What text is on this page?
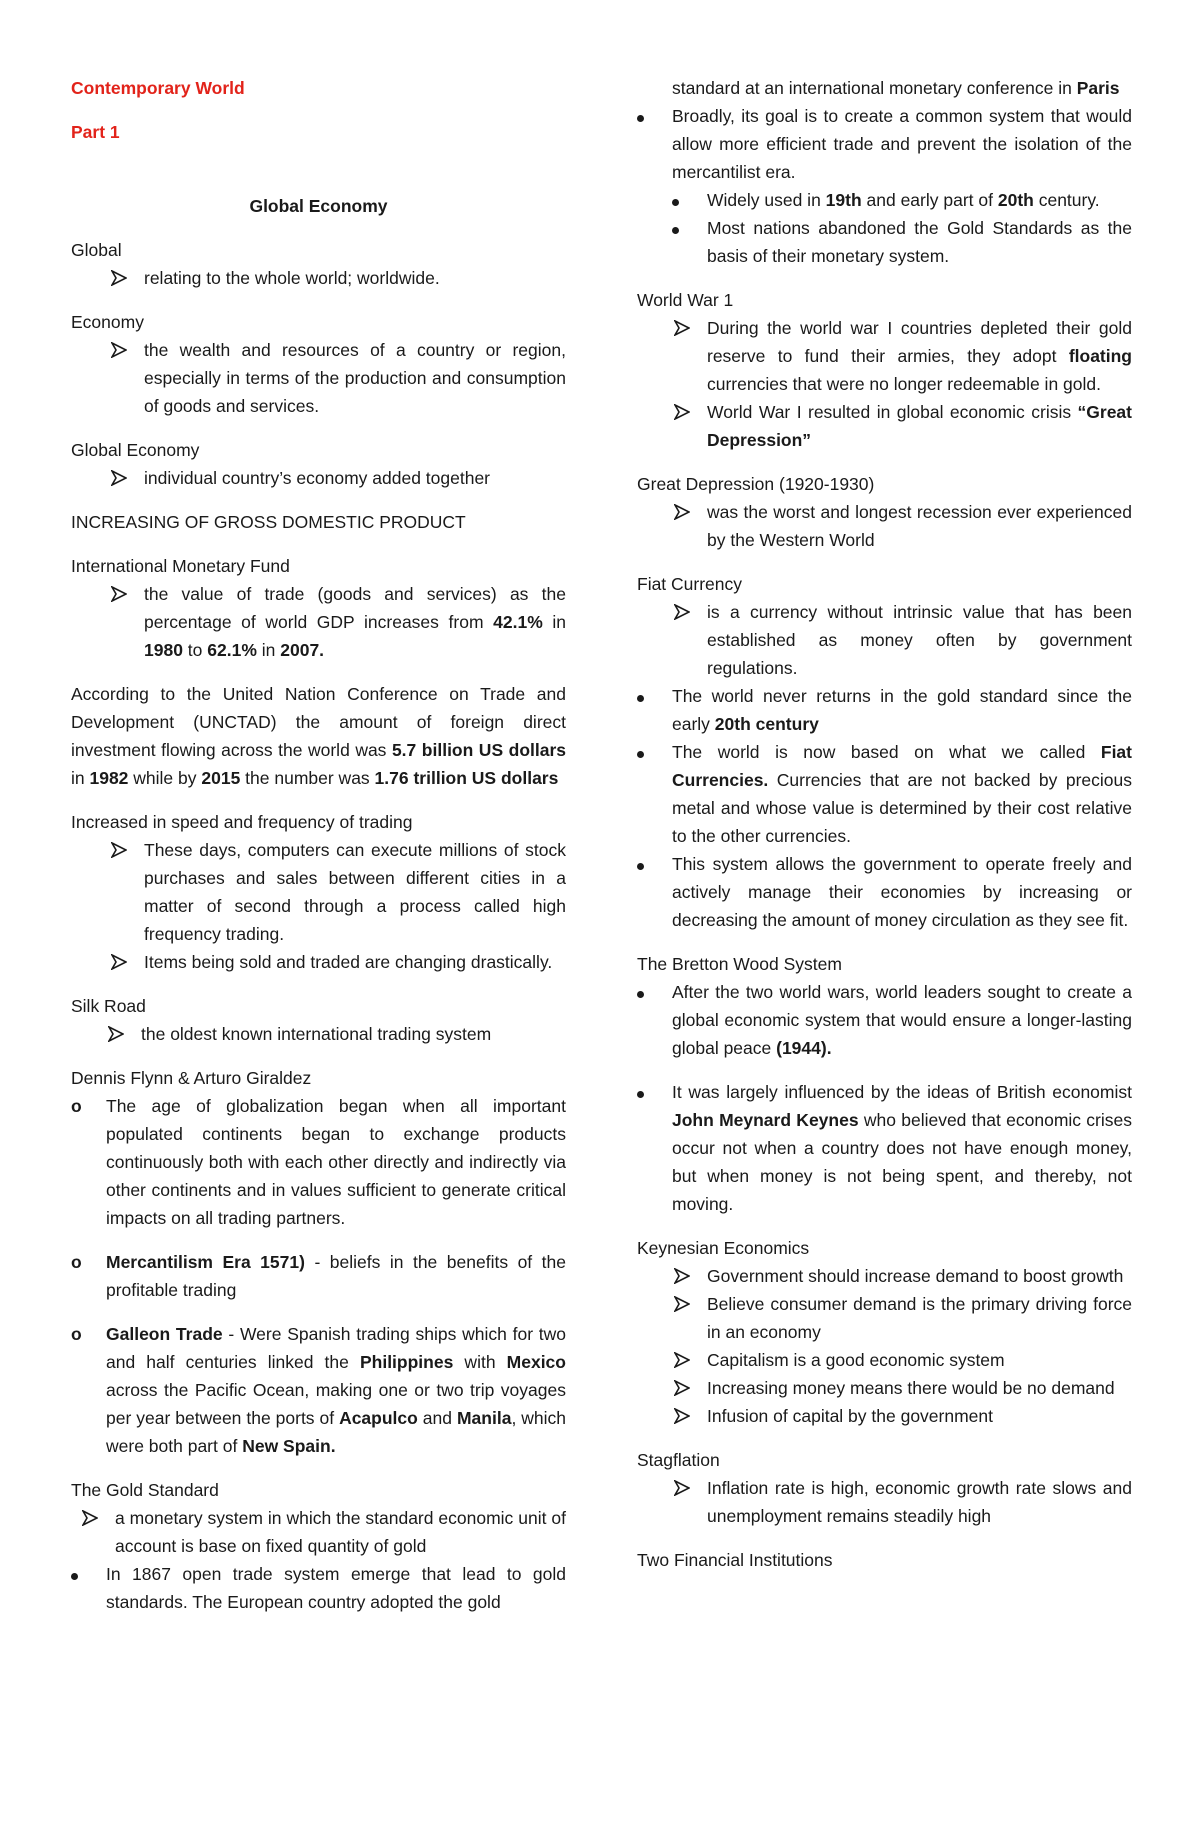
Contemporary World
Part 1
Global Economy
Global
relating to the whole world; worldwide.
Economy
the wealth and resources of a country or region, especially in terms of the production and consumption of goods and services.
Global Economy
individual country’s economy added together
INCREASING OF GROSS DOMESTIC PRODUCT
International Monetary Fund
the value of trade (goods and services) as the percentage of world GDP increases from 42.1% in 1980 to 62.1% in 2007.
According to the United Nation Conference on Trade and Development (UNCTAD) the amount of foreign direct investment flowing across the world was 5.7 billion US dollars in 1982 while by 2015 the number was 1.76 trillion US dollars
Increased in speed and frequency of trading
These days, computers can execute millions of stock purchases and sales between different cities in a matter of second through a process called high frequency trading.
Items being sold and traded are changing drastically.
Silk Road
the oldest known international trading system
Dennis Flynn & Arturo Giraldez
o	The age of globalization began when all important populated continents began to exchange products continuously both with each other directly and indirectly via other continents and in values sufficient to generate critical impacts on all trading partners.
o	Mercantilism Era 1571) - beliefs in the benefits of the profitable trading
o	Galleon Trade - Were Spanish trading ships which for two and half centuries linked the Philippines with Mexico across the Pacific Ocean, making one or two trip voyages per year between the ports of Acapulco and Manila, which were both part of New Spain.
The Gold Standard
a monetary system in which the standard economic unit of account is base on fixed quantity of gold
In 1867 open trade system emerge that lead to gold standards. The European country adopted the gold
standard at an international monetary conference in Paris
Broadly, its goal is to create a common system that would allow more efficient trade and prevent the isolation of the mercantilist era.
Widely used in 19th and early part of 20th century.
Most nations abandoned the Gold Standards as the basis of their monetary system.
World War 1
During the world war I countries depleted their gold reserve to fund their armies, they adopt floating currencies that were no longer redeemable in gold.
World War I resulted in global economic crisis “Great Depression”
Great Depression (1920-1930)
was the worst and longest recession ever experienced by the Western World
Fiat Currency
is a currency without intrinsic value that has been established as money often by government regulations.
The world never returns in the gold standard since the early 20th century
The world is now based on what we called Fiat Currencies. Currencies that are not backed by precious metal and whose value is determined by their cost relative to the other currencies.
This system allows the government to operate freely and actively manage their economies by increasing or decreasing the amount of money circulation as they see fit.
The Bretton Wood System
After the two world wars, world leaders sought to create a global economic system that would ensure a longer-lasting global peace (1944).
It was largely influenced by the ideas of British economist John Meynard Keynes who believed that economic crises occur not when a country does not have enough money, but when money is not being spent, and thereby, not moving.
Keynesian Economics
Government should increase demand to boost growth
Believe consumer demand is the primary driving force in an economy
Capitalism is a good economic system
Increasing money means there would be no demand
Infusion of capital by the government
Stagflation
Inflation rate is high, economic growth rate slows and unemployment remains steadily high
Two Financial Institutions
